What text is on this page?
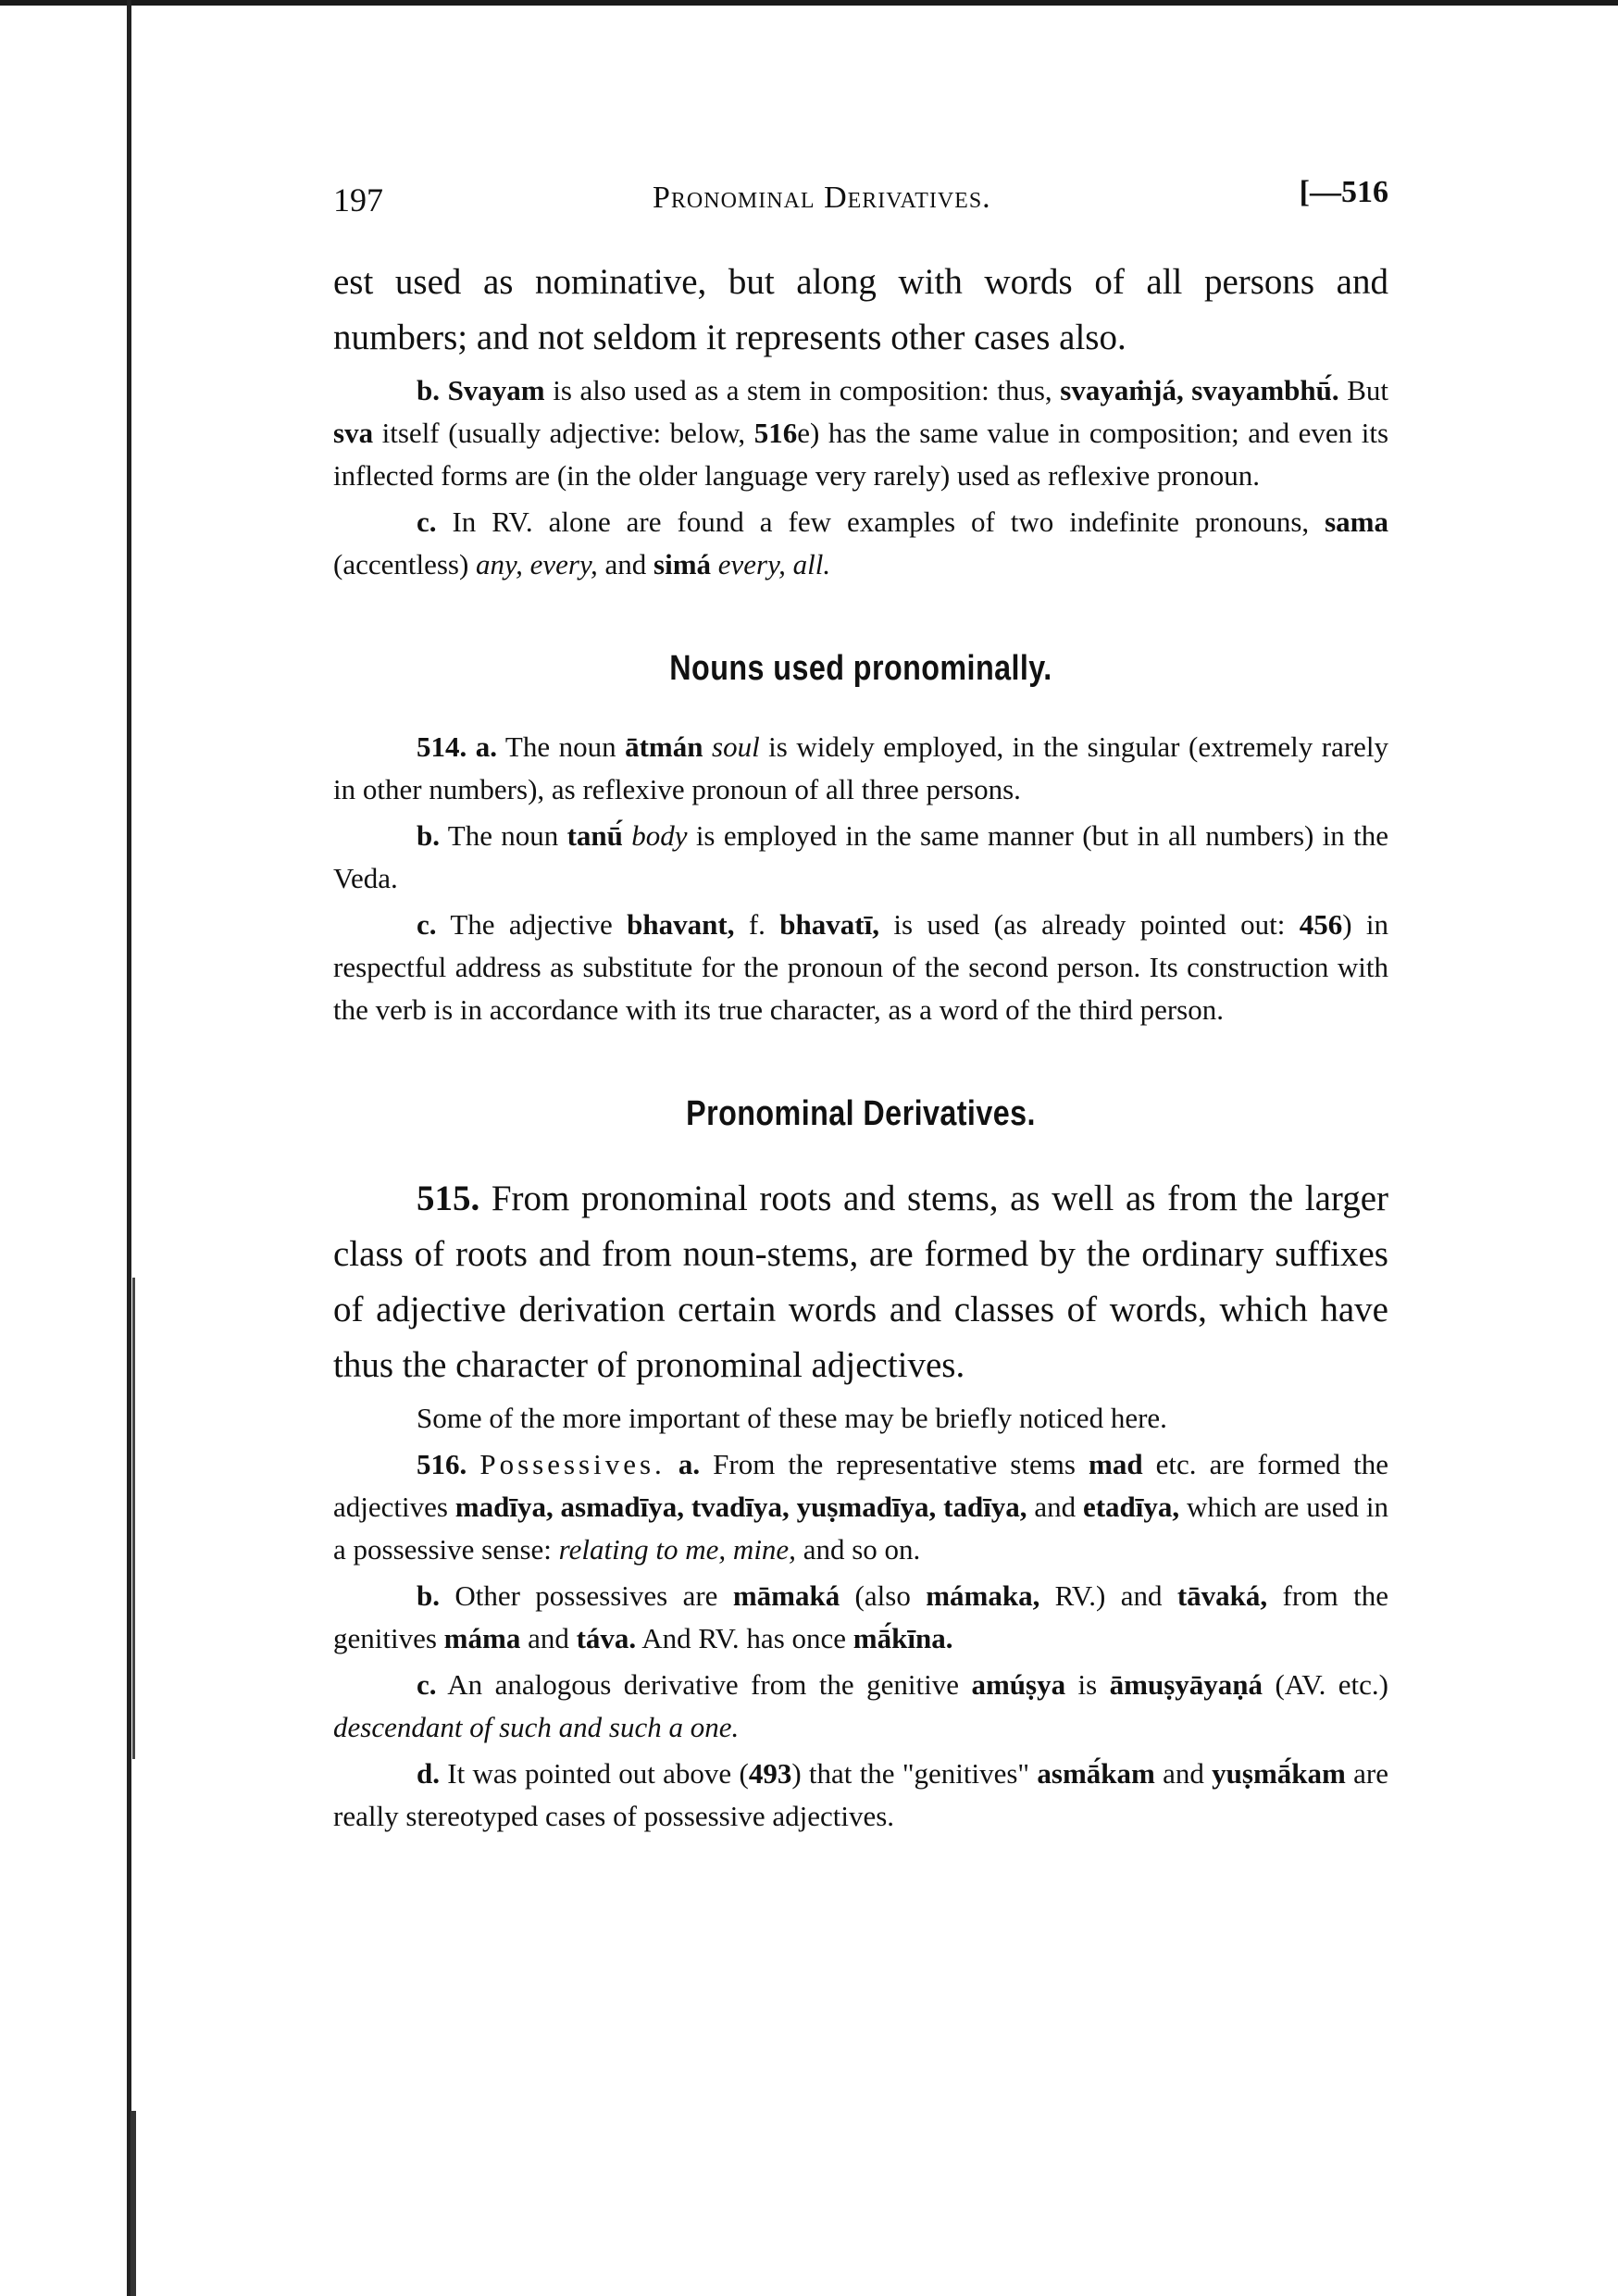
197	Pronominal Derivatives.	[—516

est used as nominative, but along with words of all persons and numbers; and not seldom it represents other cases also.

b. Svayam is also used as a stem in composition: thus, svayaṁjá, svayambhū́. But sva itself (usually adjective: below, 516e) has the same value in composition; and even its inflected forms are (in the older language very rarely) used as reflexive pronoun.

c. In RV. alone are found a few examples of two indefinite pronouns, sama (accentless) any, every, and simá every, all.

Nouns used pronominally.

514. a. The noun ātmán soul is widely employed, in the singular (extremely rarely in other numbers), as reflexive pronoun of all three persons.

b. The noun tanū́ body is employed in the same manner (but in all numbers) in the Veda.

c. The adjective bhavant, f. bhavatī, is used (as already pointed out: 456) in respectful address as substitute for the pronoun of the second person. Its construction with the verb is in accordance with its true character, as a word of the third person.

Pronominal Derivatives.

515. From pronominal roots and stems, as well as from the larger class of roots and from noun-stems, are formed by the ordinary suffixes of adjective derivation certain words and classes of words, which have thus the character of pronominal adjectives.

Some of the more important of these may be briefly noticed here.

516. Possessives. a. From the representative stems mad etc. are formed the adjectives madīya, asmadīya, tvadīya, yuṣmadīya, tadīya, and etadīya, which are used in a possessive sense: relating to me, mine, and so on.

b. Other possessives are māmaká (also mámaka, RV.) and tāvaká, from the genitives máma and táva. And RV. has once mā́kīna.

c. An analogous derivative from the genitive amúṣya is āmuṣyāyaṇá (AV. etc.) descendant of such and such a one.

d. It was pointed out above (493) that the "genitives" asmā́kam and yuṣmā́kam are really stereotyped cases of possessive adjectives.
